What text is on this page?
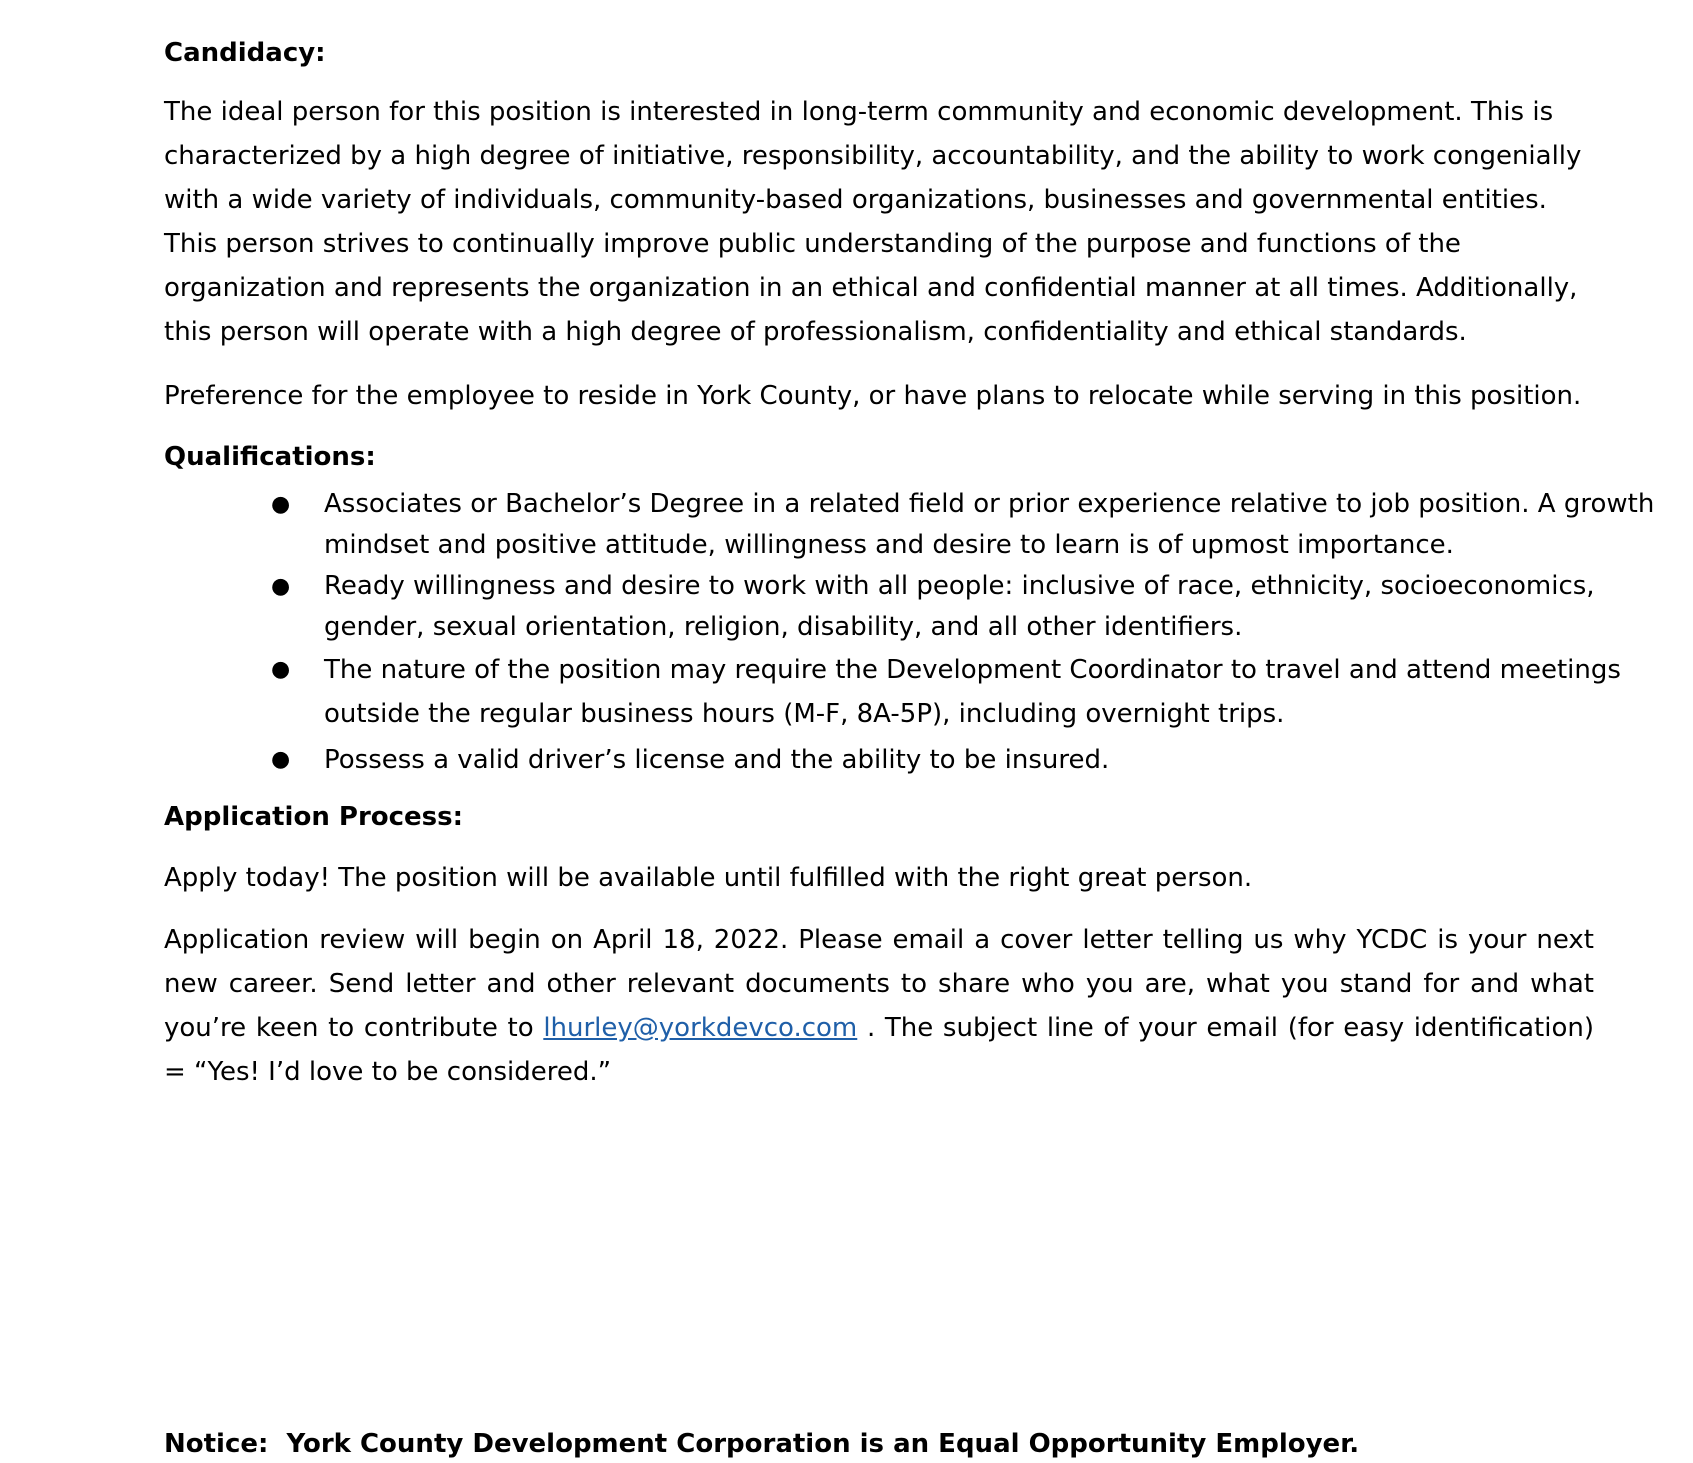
Candidacy:

The ideal person for this position is interested in long-term community and economic development. This is characterized by a high degree of initiative, responsibility, accountability, and the ability to work congenially with a wide variety of individuals, community-based organizations, businesses and governmental entities. This person strives to continually improve public understanding of the purpose and functions of the organization and represents the organization in an ethical and confidential manner at all times. Additionally, this person will operate with a high degree of professionalism, confidentiality and ethical standards.

Preference for the employee to reside in York County, or have plans to relocate while serving in this position.

Qualifications:

● Associates or Bachelor’s Degree in a related field or prior experience relative to job position. A growth mindset and positive attitude, willingness and desire to learn is of upmost importance.
● Ready willingness and desire to work with all people: inclusive of race, ethnicity, socioeconomics, gender, sexual orientation, religion, disability, and all other identifiers.
● The nature of the position may require the Development Coordinator to travel and attend meetings outside the regular business hours (M-F, 8A-5P), including overnight trips.
● Possess a valid driver’s license and the ability to be insured.

Application Process:

Apply today! The position will be available until fulfilled with the right great person.

Application review will begin on April 18, 2022. Please email a cover letter telling us why YCDC is your next new career. Send letter and other relevant documents to share who you are, what you stand for and what you’re keen to contribute to lhurley@yorkdevco.com . The subject line of your email (for easy identification) = “Yes! I’d love to be considered.”

Notice:  York County Development Corporation is an Equal Opportunity Employer.
